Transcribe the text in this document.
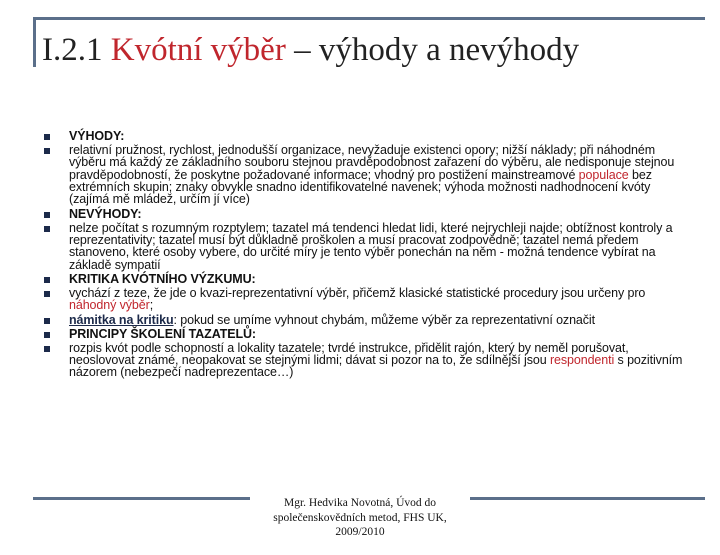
I.2.1 Kvótní výběr – výhody a nevýhody
VÝHODY:
relativní pružnost, rychlost, jednodušší organizace, nevyžaduje existenci opory; nižší náklady; při náhodném výběru má každý ze základního souboru stejnou pravděpodobnost zařazení do výběru, ale nedisponuje stejnou pravděpodobností, že poskytne požadované informace; vhodný pro postižení mainstreamové populace bez extrémních skupin; znaky obvykle snadno identifikovatelné navenek; výhoda možnosti nadhodnocení kvóty (zajímá mě mládež, určím jí více)
NEVÝHODY:
nelze počítat s rozumným rozptylem; tazatel má tendenci hledat lidi, které nejrychleji najde; obtížnost kontroly a reprezentativity; tazatel musí být důkladně proškolen a musí pracovat zodpovědně; tazatel nemá předem stanoveno, které osoby vybere, do určité míry je tento výběr ponechán na něm - možná tendence vybírat na základě sympatií
KRITIKA KVÓTNÍHO VÝZKUMU:
vychází z teze, že jde o kvazi-reprezentativní výběr, přičemž klasické statistické procedury jsou určeny pro náhodný výběr;
námitka na kritiku: pokud se umíme vyhnout chybám, můžeme výběr za reprezentativní označit
PRINCIPY ŠKOLENÍ TAZATELŮ:
rozpis kvót podle schopností a lokality tazatele; tvrdé instrukce, přidělit rajón, který by neměl porušovat, neoslovovat známé, neopakovat se stejnými lidmi; dávat si pozor na to, že sdílnější jsou respondenti s pozitivním názorem (nebezpečí nadreprezentace…)
Mgr. Hedvika Novotná, Úvod do
společenskovědních metod, FHS UK,
2009/2010
